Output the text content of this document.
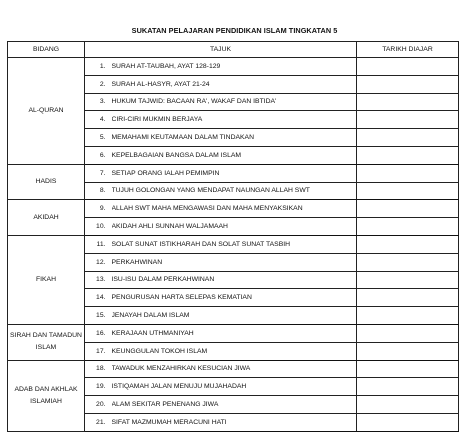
SUKATAN PELAJARAN PENDIDIKAN ISLAM TINGKATAN 5
BIDANG	TAJUK		TARIKH DIAJAR
AL-QURAN	1.	SURAH AT-TAUBAH, AYAT 128-129	
	2.	SURAH AL-HASYR, AYAT 21-24	
	3.	HUKUM TAJWID: BACAAN RA', WAKAF DAN IBTIDA'	
	4.	CIRI-CIRI MUKMIN BERJAYA	
	5.	MEMAHAMI KEUTAMAAN DALAM TINDAKAN	
	6.	KEPELBAGAIAN BANGSA DALAM ISLAM	
HADIS	7.	SETIAP ORANG IALAH PEMIMPIN	
	8.	TUJUH GOLONGAN YANG MENDAPAT NAUNGAN ALLAH SWT	
AKIDAH	9.	ALLAH SWT MAHA MENGAWASI DAN MAHA MENYAKSIKAN	
	10.	AKIDAH AHLI SUNNAH WALJAMAAH	
FIKAH	11.	SOLAT SUNAT ISTIKHARAH DAN SOLAT SUNAT TASBIH	
	12.	PERKAHWINAN	
	13.	ISU-ISU DALAM PERKAHWINAN	
	14.	PENGURUSAN HARTA SELEPAS KEMATIAN	
	15.	JENAYAH DALAM ISLAM	
SIRAH DAN TAMADUN ISLAM	16.	KERAJAAN UTHMANIYAH	
	17.	KEUNGGULAN TOKOH ISLAM	
ADAB DAN AKHLAK ISLAMIAH	18.	TAWADUK MENZAHIRKAN KESUCIAN JIWA	
	19.	ISTIQAMAH JALAN MENUJU MUJAHADAH	
	20.	ALAM SEKITAR PENENANG JIWA	
	21.	SIFAT MAZMUMAH MERACUNI HATI	
